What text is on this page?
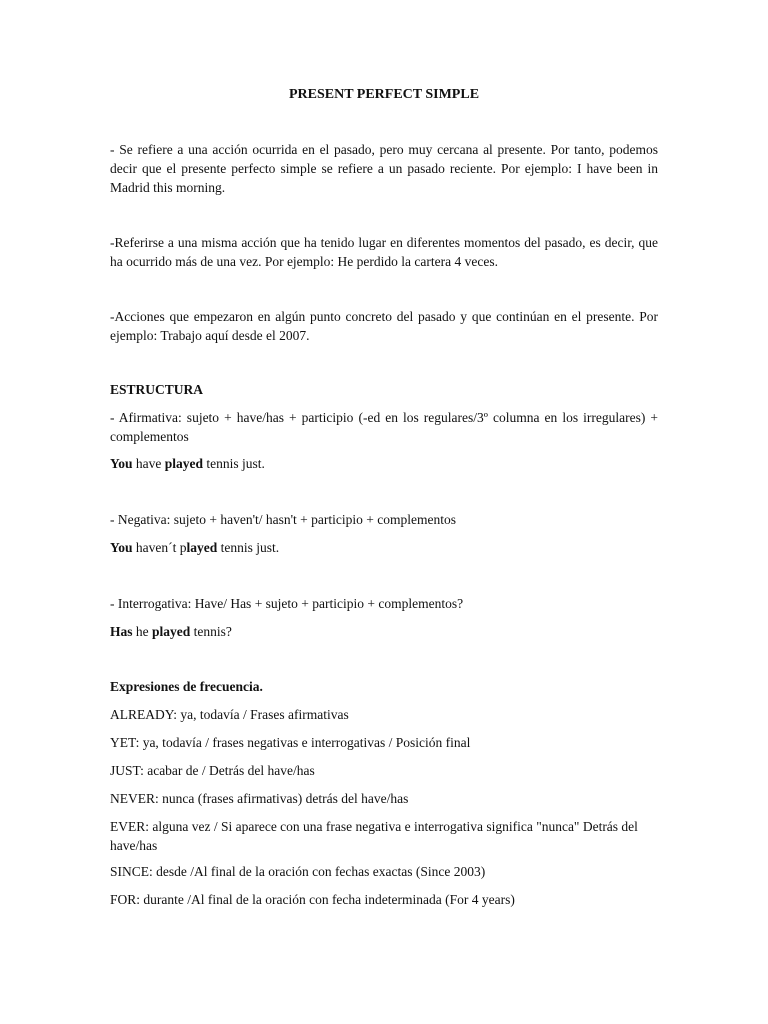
PRESENT PERFECT SIMPLE

- Se refiere a una acción ocurrida en el pasado, pero muy cercana al presente. Por tanto, podemos decir que el presente perfecto simple se refiere a un pasado reciente. Por ejemplo: I have been in Madrid this morning.

-Referirse a una misma acción que ha tenido lugar en diferentes momentos del pasado, es decir, que ha ocurrido más de una vez. Por ejemplo: He perdido la cartera 4 veces.

-Acciones que empezaron en algún punto concreto del pasado y que continúan en el presente. Por ejemplo: Trabajo aquí desde el 2007.

ESTRUCTURA

- Afirmativa: sujeto + have/has + participio (-ed en los regulares/3º columna en los irregulares) + complementos

You have played tennis just.

- Negativa: sujeto + haven't/ hasn't + participio + complementos

You haven´t played tennis just.

- Interrogativa: Have/ Has + sujeto + participio + complementos?

Has he played tennis?

Expresiones de frecuencia.

ALREADY: ya, todavía / Frases afirmativas

YET: ya, todavía / frases negativas e interrogativas / Posición final

JUST: acabar de / Detrás del have/has

NEVER: nunca (frases afirmativas) detrás del have/has

EVER: alguna vez / Si aparece con una frase negativa e interrogativa significa "nunca" Detrás del have/has

SINCE: desde /Al final de la oración con fechas exactas (Since 2003)

FOR: durante /Al final de la oración con fecha indeterminada (For 4 years)
